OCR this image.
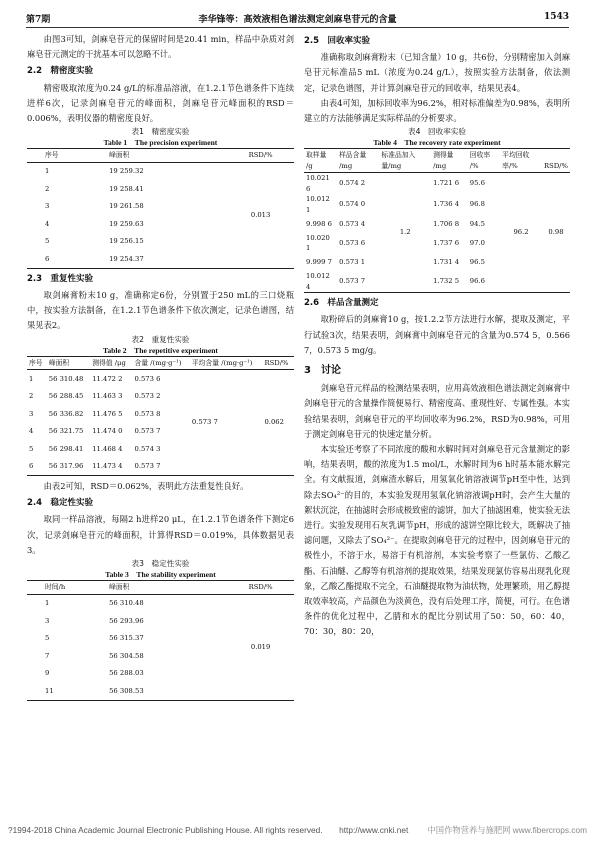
第7期	李华锋等：高效液相色谱法测定剑麻皂苷元的含量	1543

由图3可知，剑麻皂苷元的保留时间是20.41 min，样品中杂质对剑麻皂苷元测定的干扰基本可以忽略不计。

2.2　精密度实验

精密吸取浓度为0.24 g/L的标准品溶液，在1.2.1节色谱条件下连续进样6次，记录剑麻皂苷元的峰面积，剑麻皂苷元峰面积的RSD＝0.006%，表明仪器的精密度良好。

表1　精密度实验
Table 1　The precision experiment
序号	峰面积	RSD/%
1	19 259.32	0.013
2	19 258.41	
3	19 261.58	
4	19 259.63	
5	19 256.15	
6	19 254.37	
2.3　重复性实验

取剑麻膏粉末10 g，准确称定6份，分别置于250 mL的三口烧瓶中，按实验方法制备，在1.2.1节色谱条件下依次测定，记录色谱图，结果见表2。

表2　重复性实验
Table 2　The repetitive experiment
序号	峰面积	测得值 /μg	含量 /(mg·g⁻¹)	平均含量 /(mg·g⁻¹)	RSD/%
1	56 310.48	11.472 2	0.573 6	0.573 7	0.062
2	56 288.45	11.463 3	0.573 2		
3	56 336.82	11.476 5	0.573 8		
4	56 321.75	11.474 0	0.573 7		
5	56 298.41	11.468 4	0.574 3		
6	56 317.96	11.473 4	0.573 7		

由表2可知，RSD＝0.062%，表明此方法重复性良好。

2.4　稳定性实验

取同一样品溶液，每隔2 h进样20 μL，在1.2.1节色谱条件下测定6次，记录剑麻皂苷元的峰面积，计算得RSD＝0.019%，具体数据见表3。

表3　稳定性实验
Table 3　The stability experiment
时间/h	峰面积	RSD/%
1	56 310.48	0.019
3	56 293.96	
5	56 315.37	
7	56 304.58	
9	56 288.03	
11	56 308.53	
2.5　回收率实验

准确称取剑麻膏粉末（已知含量）10 g，共6份，分别精密加入剑麻皂苷元标准品5 mL（浓度为0.24 g/L），按照实验方法制备，依法测定，记录色谱图，并计算剑麻皂苷元的回收率，结果见表4。

由表4可知，加标回收率为96.2%，相对标准偏差为0.98%，表明所建立的方法能够满足实际样品的分析要求。

表4　回收率实验
Table 4　The recovery rate experiment
取样量 /g	样品含量 /mg	标准品加入量/mg	测得量 /mg	回收率 /%	平均回收率/%	RSD/%
10.021 6	0.574 2	1.2	1.721 6	95.6	96.2	0.98
10.012 1	0.574 0		1.736 4	96.8		
9.998 6	0.573 4		1.706 8	94.5		
10.020 1	0.573 6		1.737 6	97.0		
9.999 7	0.573 1		1.731 4	96.5		
10.012 4	0.573 7		1.732 5	96.6		
2.6　样品含量测定

取粉碎后的剑麻膏10 g，按1.2.2节方法进行水解，提取及测定，平行试验3次，结果表明，剑麻膏中剑麻皂苷元的含量为0.574 5，0.566 7，0.573 5 mg/g。

3　讨论

剑麻皂苷元样品的检测结果表明，应用高效液相色谱法测定剑麻膏中剑麻皂苷元的含量操作简便易行、精密度高、重现性好、专属性强。本实验结果表明，剑麻皂苷元的平均回收率为96.2%，RSD为0.98%，可用于测定剑麻皂苷元的快速定量分析。

本实验还考察了不同浓度的酸和水解时间对剑麻皂苷元含量测定的影响，结果表明，酸的浓度为1.5 mol/L，水解时间为6 h时基本能水解完全。有文献报道，剑麻渣水解后，用氢氧化钠溶液调节pH至中性，达到除去SO₄²⁻的目的，本实验发现用氢氧化钠溶液调pH时，会产生大量的絮状沉淀，在抽滤时会形成极致密的滤饼，加大了抽滤困难，使实验无法进行。实验发现用石灰乳调节pH，形成的滤饼空隙比较大，既解决了抽滤问题，又除去了SO₄²⁻。在提取剑麻皂苷元的过程中，因剑麻皂苷元的极性小，不溶于水，易溶于有机溶剂，本实验考察了一些氯仿、乙酸乙酯、石油醚、乙醇等有机溶剂的提取效果，结果发现氯仿容易出现乳化现象，乙酸乙酯提取不完全，石油醚提取物为油状物，处理繁琐，用乙醇提取效率较高，产品颜色为淡黄色，没有后处理工序，简便，可行。在色谱条件的优化过程中，乙腈和水的配比分别试用了50：50，60：40，70：30，80：20，

?1994-2018 China Academic Journal Electronic Publishing House. All rights reserved.　　http://www.cnki.net 中国作物营养与施肥网 www.fibercrops.com
